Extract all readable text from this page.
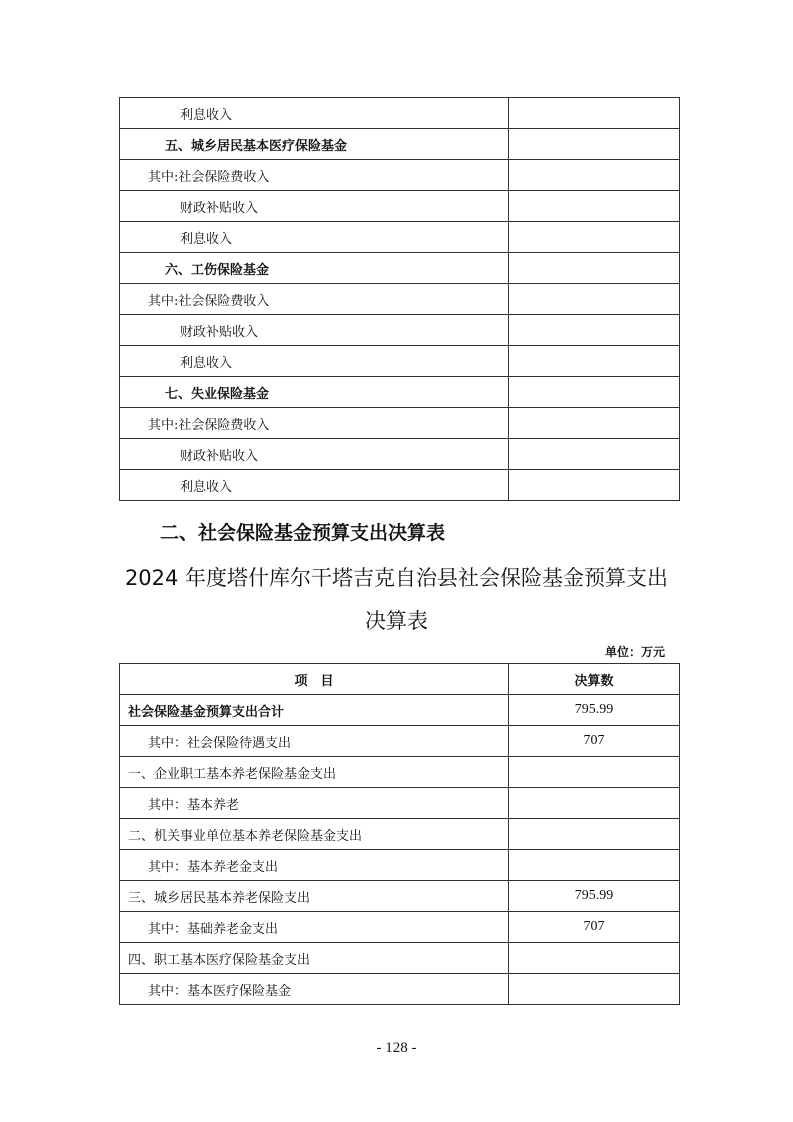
利息收入	
五、城乡居民基本医疗保险基金	
其中:社会保险费收入	
财政补贴收入	
利息收入	
六、工伤保险基金	
其中:社会保险费收入	
财政补贴收入	
利息收入	
七、失业保险基金	
其中:社会保险费收入	
财政补贴收入	
利息收入	
二、社会保险基金预算支出决算表
2024 年度塔什库尔干塔吉克自治县社会保险基金预算支出
决算表
单位：万元
项　目	决算数
社会保险基金预算支出合计	795.99
其中：社会保险待遇支出	707
一、企业职工基本养老保险基金支出	
其中：基本养老	
二、机关事业单位基本养老保险基金支出	
其中：基本养老金支出	
三、城乡居民基本养老保险支出	795.99
其中：基础养老金支出	707
四、职工基本医疗保险基金支出	
其中：基本医疗保险基金	
- 128 -
